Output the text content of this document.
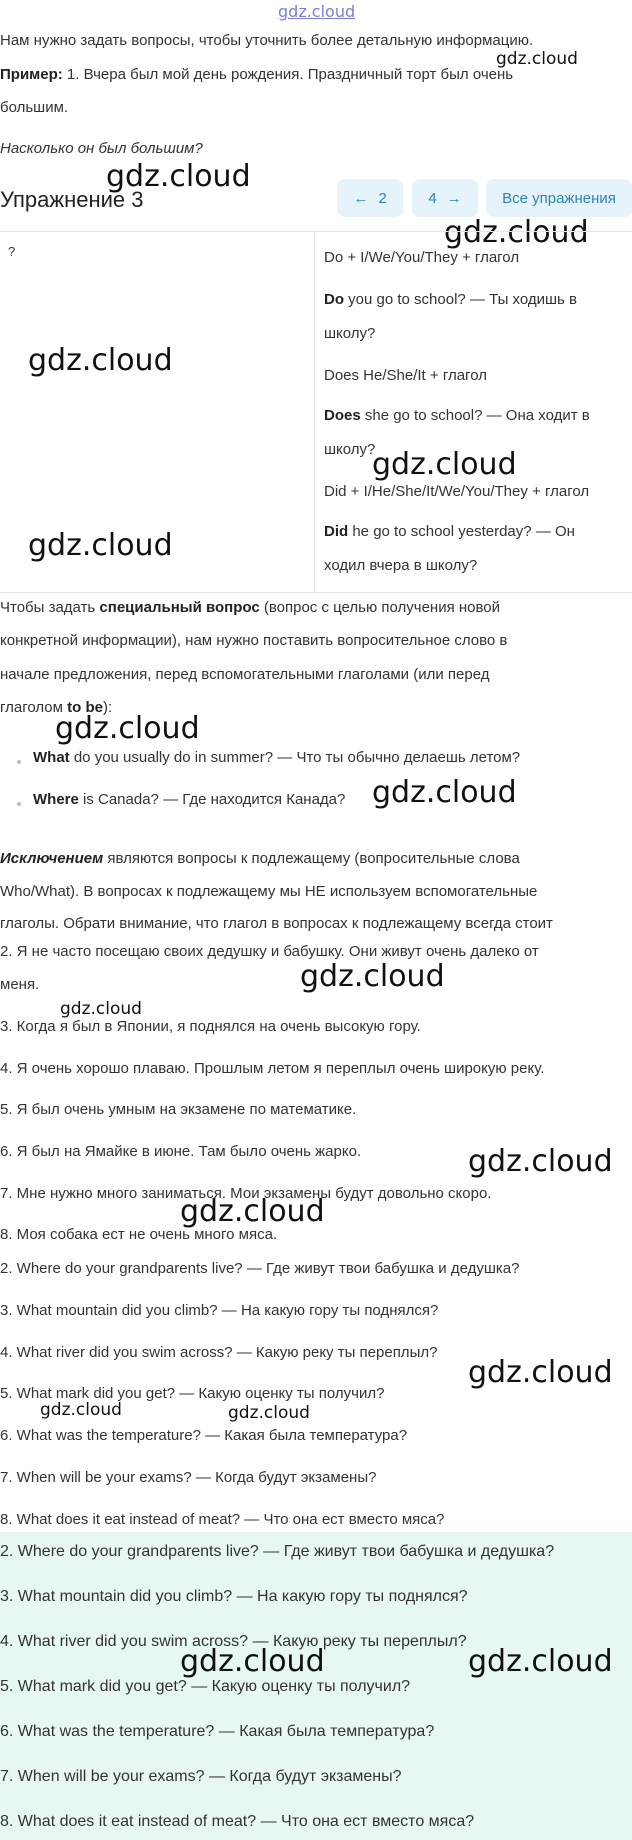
gdz.cloud
Нам нужно задать вопросы, чтобы уточнить более детальную информацию.
gdz.cloud
Пример: 1. Вчера был мой день рождения. Праздничный торт был очень
большим.
Насколько он был большим?
gdz.cloud
Упражнение 3	← 2	4 →	Все упражнения
gdz.cloud
?	Do + I/We/You/They + глагол
Do you go to school? — Ты ходишь в
школу?
Does He/She/It + глагол
Does she go to school? — Она ходит в
школу?
Did + I/He/She/It/We/You/They + глагол
Did he go to school yesterday? — Он
ходил вчера в школу?
gdz.cloud
gdz.cloud
gdz.cloud
Чтобы задать специальный вопрос (вопрос с целью получения новой
конкретной информации), нам нужно поставить вопросительное слово в
начале предложения, перед вспомогательными глаголами (или перед
глаголом to be):
gdz.cloud
What do you usually do in summer? — Что ты обычно делаешь летом?
Where is Canada? — Где находится Канада? gdz.cloud
Исключением являются вопросы к подлежащему (вопросительные слова
Who/What). В вопросах к подлежащему мы НЕ используем вспомогательные
глаголы. Обрати внимание, что глагол в вопросах к подлежащему всегда стоит
2. Я не часто посещаю своих дедушку и бабушку. Они живут очень далеко от
меня.	gdz.cloud
gdz.cloud
3. Когда я был в Японии, я поднялся на очень высокую гору.
4. Я очень хорошо плаваю. Прошлым летом я переплыл очень широкую реку.
5. Я был очень умным на экзамене по математике.
6. Я был на Ямайке в июне. Там было очень жарко.	gdz.cloud
7. Мне нужно много заниматься. Мои экзамены будут довольно скоро.
gdz.cloud
8. Моя собака ест не очень много мяса.
2. Where do your grandparents live? — Где живут твои бабушка и дедушка?
3. What mountain did you climb? — На какую гору ты поднялся?
4. What river did you swim across? — Какую реку ты переплыл?
gdz.cloud
5. What mark did you get? — Какую оценку ты получил?
gdz.cloud	gdz.cloud
6. What was the temperature? — Какая была температура?
7. When will be your exams? — Когда будут экзамены?
8. What does it eat instead of meat? — Что она ест вместо мяса?
2. Where do your grandparents live? — Где живут твои бабушка и дедушка?
3. What mountain did you climb? — На какую гору ты поднялся?
4. What river did you swim across? — Какую реку ты переплыл?
gdz.cloud	gdz.cloud
5. What mark did you get? — Какую оценку ты получил?
6. What was the temperature? — Какая была температура?
7. When will be your exams? — Когда будут экзамены?
8. What does it eat instead of meat? — Что она ест вместо мяса?
